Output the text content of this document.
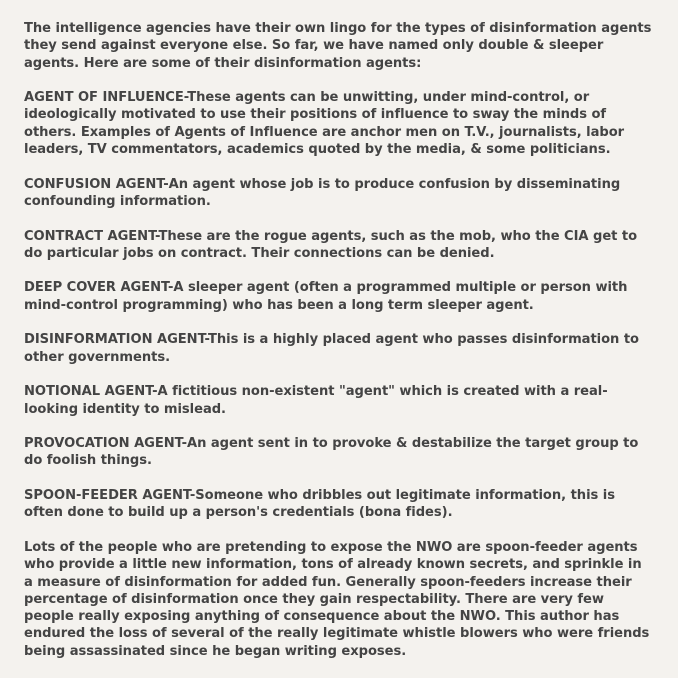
The intelligence agencies have their own lingo for the types of disinformation agents they send against everyone else. So far, we have named only double & sleeper agents. Here are some of their disinformation agents:

AGENT OF INFLUENCE-These agents can be unwitting, under mind-control, or ideologically motivated to use their positions of influence to sway the minds of others. Examples of Agents of Influence are anchor men on T.V., journalists, labor leaders, TV commentators, academics quoted by the media, & some politicians.

CONFUSION AGENT-An agent whose job is to produce confusion by disseminating confounding information.

CONTRACT AGENT-These are the rogue agents, such as the mob, who the CIA get to do particular jobs on contract. Their connections can be denied.

DEEP COVER AGENT-A sleeper agent (often a programmed multiple or person with mind-control programming) who has been a long term sleeper agent.

DISINFORMATION AGENT-This is a highly placed agent who passes disinformation to other governments.

NOTIONAL AGENT-A fictitious non-existent "agent" which is created with a real-looking identity to mislead.

PROVOCATION AGENT-An agent sent in to provoke & destabilize the target group to do foolish things.

SPOON-FEEDER AGENT-Someone who dribbles out legitimate information, this is often done to build up a person's credentials (bona fides).

Lots of the people who are pretending to expose the NWO are spoon-feeder agents who provide a little new information, tons of already known secrets, and sprinkle in a measure of disinformation for added fun. Generally spoon-feeders increase their percentage of disinformation once they gain respectability. There are very few people really exposing anything of consequence about the NWO. This author has endured the loss of several of the really legitimate whistle blowers who were friends being assassinated since he began writing exposes.
